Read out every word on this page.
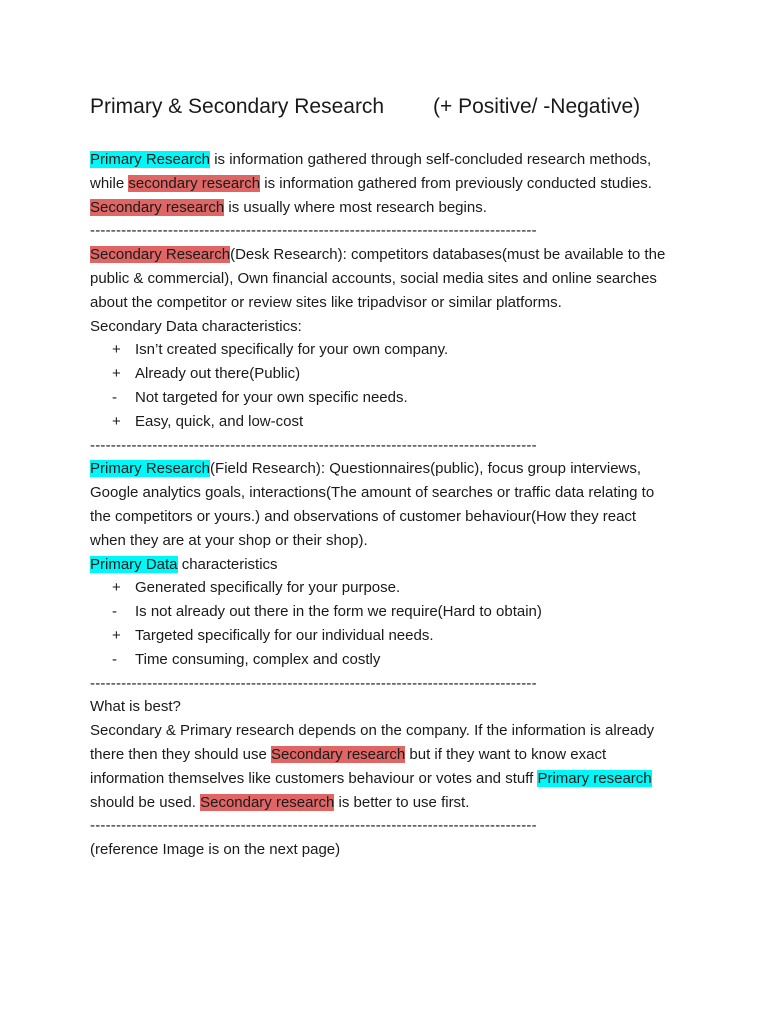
Primary & Secondary Research (+ Positive/ -Negative)
Primary Research is information gathered through self-concluded research methods,
while secondary research is information gathered from previously conducted studies.
Secondary research is usually where most research begins.
--------------------------------------------------------------------------------------
Secondary Research(Desk Research): competitors databases(must be available to the
public & commercial), Own financial accounts, social media sites and online searches
about the competitor or review sites like tripadvisor or similar platforms.
Secondary Data characteristics:
+ Isn’t created specifically for your own company.
+ Already out there(Public)
-	Not targeted for your own specific needs.
+ Easy, quick, and low-cost
--------------------------------------------------------------------------------------
Primary Research(Field Research): Questionnaires(public), focus group interviews,
Google analytics goals, interactions(The amount of searches or traffic data relating to
the competitors or yours.) and observations of customer behaviour(How they react
when they are at your shop or their shop).
Primary Data characteristics
+ Generated specifically for your purpose.
-	Is not already out there in the form we require(Hard to obtain)
+ Targeted specifically for our individual needs.
-	Time consuming, complex and costly
--------------------------------------------------------------------------------------
What is best?
Secondary & Primary research depends on the company. If the information is already
there then they should use Secondary research but if they want to know exact
information themselves like customers behaviour or votes and stuff Primary research
should be used. Secondary research is better to use first.
--------------------------------------------------------------------------------------
(reference Image is on the next page)
